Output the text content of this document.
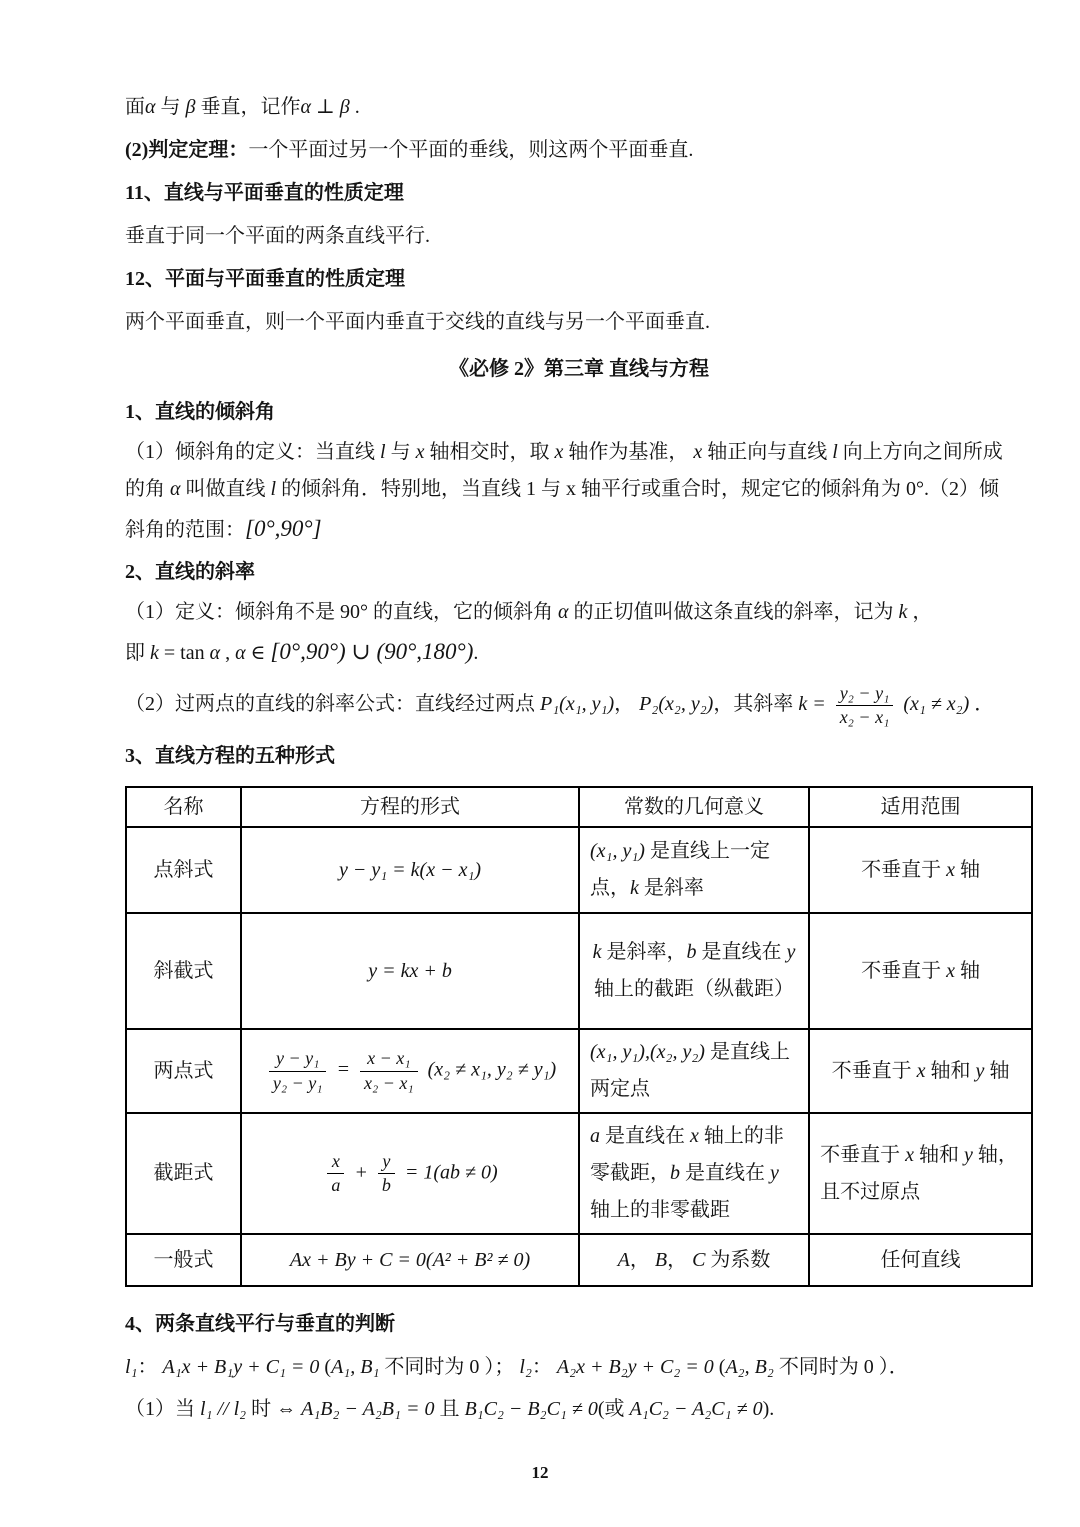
面α 与 β 垂直，记作α ⊥ β .

(2)判定定理：一个平面过另一个平面的垂线，则这两个平面垂直.

11、直线与平面垂直的性质定理

垂直于同一个平面的两条直线平行.

12、平面与平面垂直的性质定理

两个平面垂直，则一个平面内垂直于交线的直线与另一个平面垂直.

《必修 2》第三章 直线与方程

1、直线的倾斜角

（1）倾斜角的定义：当直线 l 与 x 轴相交时，取 x 轴作为基准， x 轴正向与直线 l 向上方向之间所成

的角 α 叫做直线 l 的倾斜角．特别地，当直线 1 与 x 轴平行或重合时，规定它的倾斜角为 0°.（2）倾

斜角的范围：[0°,90°]

2、直线的斜率

（1）定义：倾斜角不是 90° 的直线，它的倾斜角 α 的正切值叫做这条直线的斜率，记为 k ，

即 k = tan α , α ∈ [0°,90°) ∪ (90°,180°).

（2）过两点的直线的斜率公式：直线经过两点 P₁(x₁, y₁)， P₂(x₂, y₂)，其斜率 $k = \frac{\text{y₂ − y₁}}{\text{x₂ − x₁}} (x_1 \ne x_2)$ ．

3、直线方程的五种形式

名称	方程的形式	常数的几何意义	适用范围
点斜式	y − y₁ = k(x − x₁)	(x₁, y₁) 是直线上一定点，k 是斜率	不垂直于 x 轴
斜截式	y = kx + b	k 是斜率，b 是直线在 y 轴上的截距（纵截距）	不垂直于 x 轴
两点式	$\frac{\text{y − y₁}}{\text{y₂ − y₁}} = \frac{\text{x − x₁}}{\text{x₂ − x₁}} (x_2 \ne x_1$, y₂ ≠ y₁)	(x₁, y₁),(x₂, y₂) 是直线上两定点	不垂直于 x 轴和 y 轴
截距式	$\frac{x}{a} + \frac{y}{b} = 1(ab \ne 0)$	a 是直线在 x 轴上的非零截距，b 是直线在 y 轴上的非零截距	不垂直于 x 轴和 y 轴，且不过原点
一般式	Ax + By + C = 0(A² + B² ≠ 0)	A， B， C 为系数	任何直线

4、两条直线平行与垂直的判断

l₁： A₁x + B₁y + C₁ = 0 (A₁, B₁ 不同时为 0 ）； l₂： A₂x + B₂y + C₂ = 0 (A₂, B₂ 不同时为 0 ）．

（1）当 l₁ // l₂ 时 ⇔ A₁B₂ − A₂B₁ = 0 且 B₁C₂ − B₂C₁ ≠ 0(或 A₁C₂ − A₂C₁ ≠ 0).

12
